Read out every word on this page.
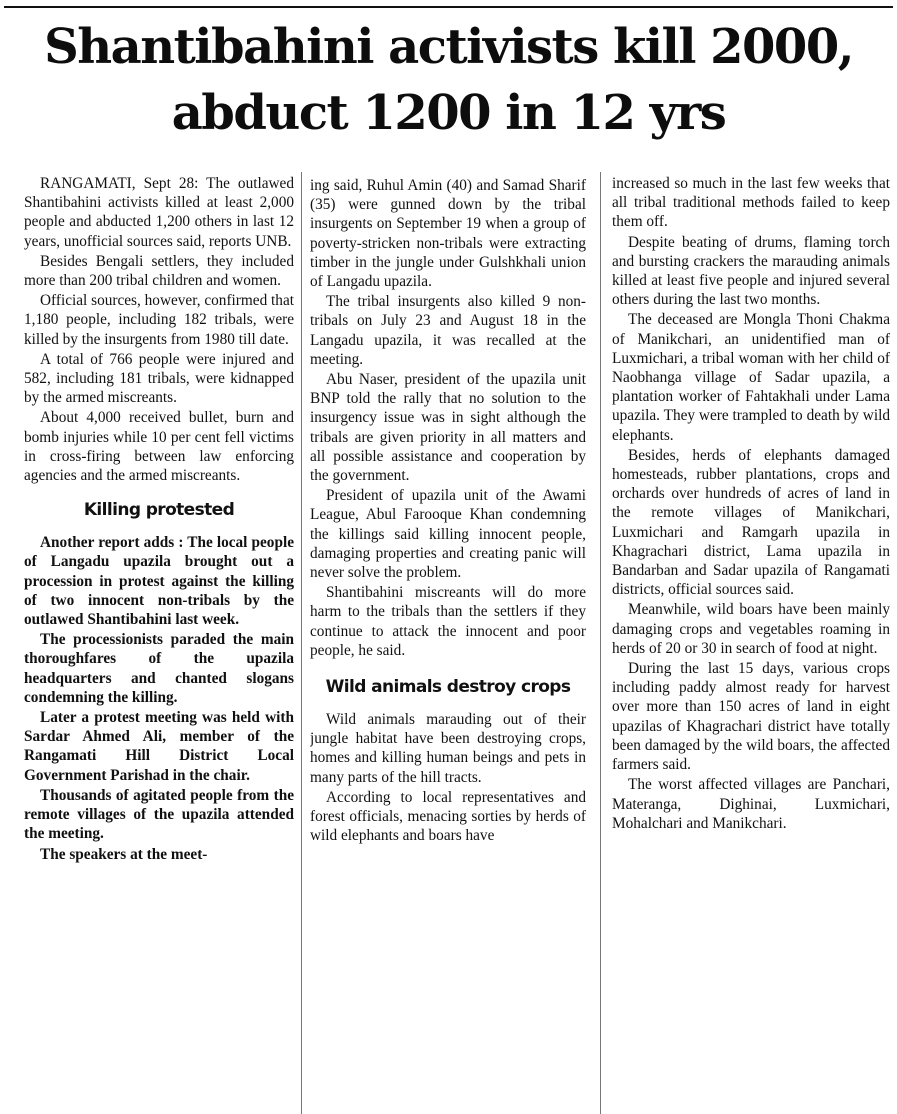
Shantibahini activists kill 2000, abduct 1200 in 12 yrs

RANGAMATI, Sept 28: The outlawed Shantibahini activists killed at least 2,000 people and abducted 1,200 others in last 12 years, unofficial sources said, reports UNB.

Besides Bengali settlers, they included more than 200 tribal children and women.

Official sources, however, confirmed that 1,180 people, including 182 tribals, were killed by the insurgents from 1980 till date.

A total of 766 people were injured and 582, including 181 tribals, were kidnapped by the armed miscreants.

About 4,000 received bullet, burn and bomb injuries while 10 per cent fell victims in cross-firing between law enforcing agencies and the armed miscreants.

Killing protested

Another report adds : The local people of Langadu upazila brought out a procession in protest against the killing of two innocent non-tribals by the outlawed Shantibahini last week.

The processionists paraded the main thoroughfares of the upazila headquarters and chanted slogans condemning the killing.

Later a protest meeting was held with Sardar Ahmed Ali, member of the Rangamati Hill District Local Government Parishad in the chair.

Thousands of agitated people from the remote villages of the upazila attended the meeting.

The speakers at the meet-

ing said, Ruhul Amin (40) and Samad Sharif (35) were gunned down by the tribal insurgents on September 19 when a group of poverty-stricken non-tribals were extracting timber in the jungle under Gulshkhali union of Langadu upazila.

The tribal insurgents also killed 9 non-tribals on July 23 and August 18 in the Langadu upazila, it was recalled at the meeting.

Abu Naser, president of the upazila unit BNP told the rally that no solution to the insurgency issue was in sight although the tribals are given priority in all matters and all possible assistance and cooperation by the government.

President of upazila unit of the Awami League, Abul Farooque Khan condemning the killings said killing innocent people, damaging properties and creating panic will never solve the problem.

Shantibahini miscreants will do more harm to the tribals than the settlers if they continue to attack the innocent and poor people, he said.

Wild animals destroy crops

Wild animals marauding out of their jungle habitat have been destroying crops, homes and killing human beings and pets in many parts of the hill tracts.

According to local representatives and forest officials, menacing sorties by herds of wild elephants and boars have

increased so much in the last few weeks that all tribal traditional methods failed to keep them off.

Despite beating of drums, flaming torch and bursting crackers the marauding animals killed at least five people and injured several others during the last two months.

The deceased are Mongla Thoni Chakma of Manikchari, an unidentified man of Luxmichari, a tribal woman with her child of Naobhanga village of Sadar upazila, a plantation worker of Fahtakhali under Lama upazila. They were trampled to death by wild elephants.

Besides, herds of elephants damaged homesteads, rubber plantations, crops and orchards over hundreds of acres of land in the remote villages of Manikchari, Luxmichari and Ramgarh upazila in Khagrachari district, Lama upazila in Bandarban and Sadar upazila of Rangamati districts, official sources said.

Meanwhile, wild boars have been mainly damaging crops and vegetables roaming in herds of 20 or 30 in search of food at night.

During the last 15 days, various crops including paddy almost ready for harvest over more than 150 acres of land in eight upazilas of Khagrachari district have totally been damaged by the wild boars, the affected farmers said.

The worst affected villages are Panchari, Materanga, Dighinai, Luxmichari, Mohalchari and Manikchari.
